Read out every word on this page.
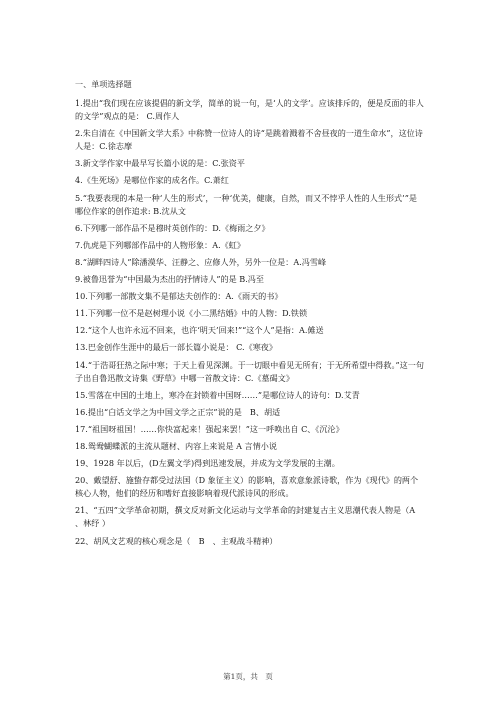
一、单项选择题

1.提出“我们现在应该提倡的新文学，简单的说一句，是‘人的文学’。应该排斥的，便是反面的非人的文学”观点的是： C.周作人

2.朱自清在《中国新文学大系》中称赞一位诗人的诗“是跳着溅着不舍昼夜的一道生命水”，这位诗人是：C.徐志摩

3.新文学作家中最早写长篇小说的是：C.张资平

4.《生死场》是哪位作家的成名作。C.萧红

5.“我要表现的本是一种‘人生的形式’，一种‘优美，健康，自然，而又不悖乎人性的人生形式’”是哪位作家的创作追求: B.沈从文

6.下列哪一部作品不是穆时英创作的：D.《梅雨之夕》

7.仇虎是下列哪部作品中的人物形象：A.《虹》

8.“湖畔四诗人”除潘漠华、汪静之、应修人外，另外一位是：A.冯雪峰

9.被鲁迅誉为“中国最为杰出的抒情诗人”的是 B.冯至

10.下列哪一部散文集不是郁达夫创作的：A.《雨天的书》

11.下列哪一位不是赵树理小说《小二黑结婚》中的人物：D.铁锁

12.“这个人也许永远不回来，也许‘明天’回来!”“这个人”是指：A.傩送

13.巴金创作生涯中的最后一部长篇小说是： C.《寒夜》

14.“于浩哥狂热之际中寒；于天上看见深渊。于一切眼中看见无所有；于无所希望中得救。”这一句子出自鲁迅散文诗集《野草》中哪一首散文诗：C.《墓碣文》

15.雪落在中国的土地上，寒冷在封锁着中国呀……”是哪位诗人的诗句：D.艾青

16.提出“白话文学之为中国文学之正宗”说的是　B、胡适

17.“祖国呀祖国！……你快富起来！强起来罢！”这一呼唤出自 C、《沉沦》

18.鸳鸯蝴蝶派的主流从题材、内容上来说是 A 言情小说

19、1928 年以后，(D左翼文学)得到迅速发展，并成为文学发展的主潮。

20、戴望舒、施蛰存都受过法国（D 象征主义）的影响，喜欢意象派诗歌，作为《现代》的两个核心人物，他们的经历和嗜好直接影响着现代派诗风的形成。

21、“五四”文学革命初期，撰文反对新文化运动与文学革命的封建复古主义思潮代表人物是（A 、林纾 ）

22、胡风文艺观的核心观念是（　B　、主观战斗精神）

第1页，共　页
